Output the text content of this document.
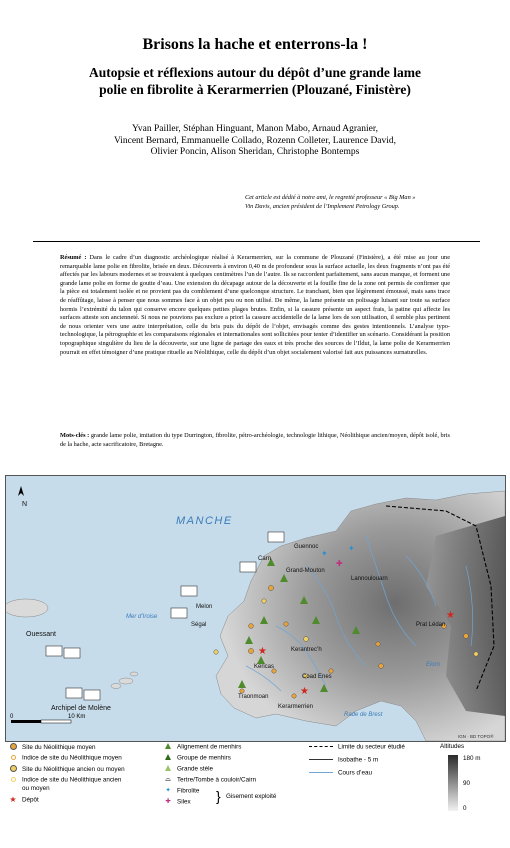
Brisons la hache et enterrons-la !
Autopsie et réflexions autour du dépôt d’une grande lame
polie en fibrolite à Kerarmerrien (Plouzané, Finistère)
Yvan Pailler, Stéphan Hinguant, Manon Mabo, Arnaud Agranier,
Vincent Bernard, Emmanuelle Collado, Rozenn Colleter, Laurence David,
Olivier Poncin, Alison Sheridan, Christophe Bontemps
Cet article est dédié à notre ami, le regretté professeur « Big Man »
Vin Davis, ancien président de l’Implement Petrology Group.
Résumé : Dans le cadre d’un diagnostic archéologique réalisé à Kerarmerrien, sur la commune de Plouzané (Finistère), a été mise au jour une remarquable lame polie en fibrolite, brisée en deux. Découverts à environ 0,40 m de profondeur sous la surface actuelle, les deux fragments n’ont pas été affectés par les labours modernes et se trouvaient à quelques centimètres l’un de l’autre. Ils se raccordent parfaitement, sans aucun manque, et forment une grande lame polie en forme de goutte d’eau. Une extension du décapage autour de la découverte et la fouille fine de la zone ont permis de confirmer que la pièce est totalement isolée et ne provient pas du comblement d’une quelconque structure. Le tranchant, bien que légèrement émoussé, mais sans trace de réaffûtage, laisse à penser que nous sommes face à un objet peu ou non utilisé. De même, la lame présente un polissage luisant sur toute sa surface hormis l’extrémité du talon qui conserve encore quelques petites plages brutes. Enfin, si la cassure présente un aspect frais, la patine qui affecte les surfaces atteste son ancienneté. Si nous ne pouvions pas exclure a priori la cassure accidentelle de la lame lors de son utilisation, il semble plus pertinent de nous orienter vers une autre interprétation, celle du bris puis du dépôt de l’objet, envisagés comme des gestes intentionnels. L’analyse typo-technologique, la pétrographie et les comparaisons régionales et internationales sont sollicitées pour tenter d’identifier un scénario. Considérant la position topographique singulière du lieu de la découverte, sur une ligne de partage des eaux et très proche des sources de l’Ildut, la lame polie de Kerarmerrien pourrait en effet témoigner d’une pratique rituelle au Néolithique, celle du dépôt d’un objet socialement valorisé fait aux puissances surnaturelles.
Mots-clés : grande lame polie, imitation du type Durrington, fibrolite, pétro-archéologie, technologie lithique, Néolithique ancien/moyen, dépôt isolé, bris de la hache, acte sacrificatoire, Bretagne.
✦
✚
✦
★
★
★
N
MANCHE
Guennoc
Carn
Grand-Mouton
Lannoulouarn
Melon
Ségal
Ouessant
Mer d’Iroise
Prat Lédan
Kerantrec’h
Kericas
Coad Enes
Traonmoan
Kerarmerrien
Archipel de Molène
Rade de Brest
Elorn
0	10 Km
IGN · BD TOPO®
Site du Néolithique moyen
Indice de site du Néolithique moyen
Site du Néolithique ancien ou moyen
Indice de site du Néolithique ancien
ou moyen
★ Dépôt
Alignement de menhirs
Groupe de menhirs
Grande stèle
⌓ Tertre/Tombe à couloir/Cairn
✦ Fibrolite
✚ Silex } Gisement exploité
Limite du secteur étudié
Isobathe - 5 m
Cours d’eau
Altitudes
180 m
90
0
